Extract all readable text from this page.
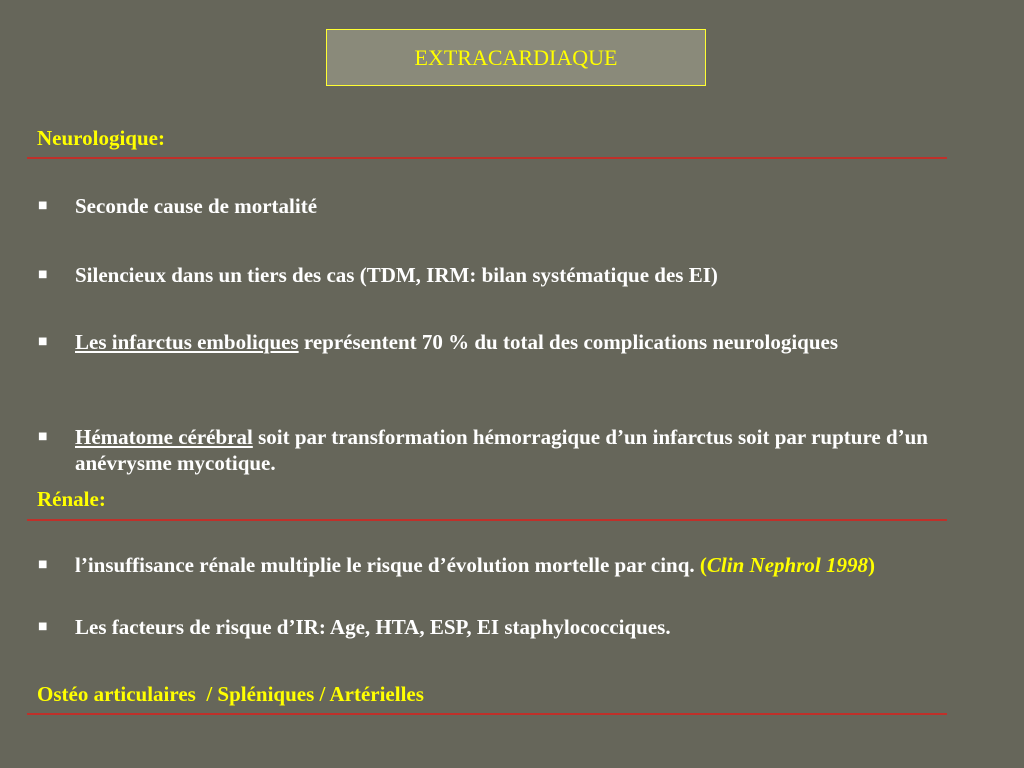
EXTRACARDIAQUE
Neurologique:
■	Seconde cause de mortalité
■	Silencieux dans un tiers des cas (TDM, IRM: bilan systématique des EI)
■	Les infarctus emboliques représentent 70 % du total des complications neurologiques
■	Hématome cérébral soit par transformation hémorragique d’un infarctus soit par rupture d’un anévrysme mycotique.
Rénale:
■	l’insuffisance rénale multiplie le risque d’évolution mortelle par cinq. (Clin Nephrol 1998)
■	Les facteurs de risque d’IR: Age, HTA, ESP, EI staphylococciques.
Ostéo articulaires  / Spléniques / Artérielles
